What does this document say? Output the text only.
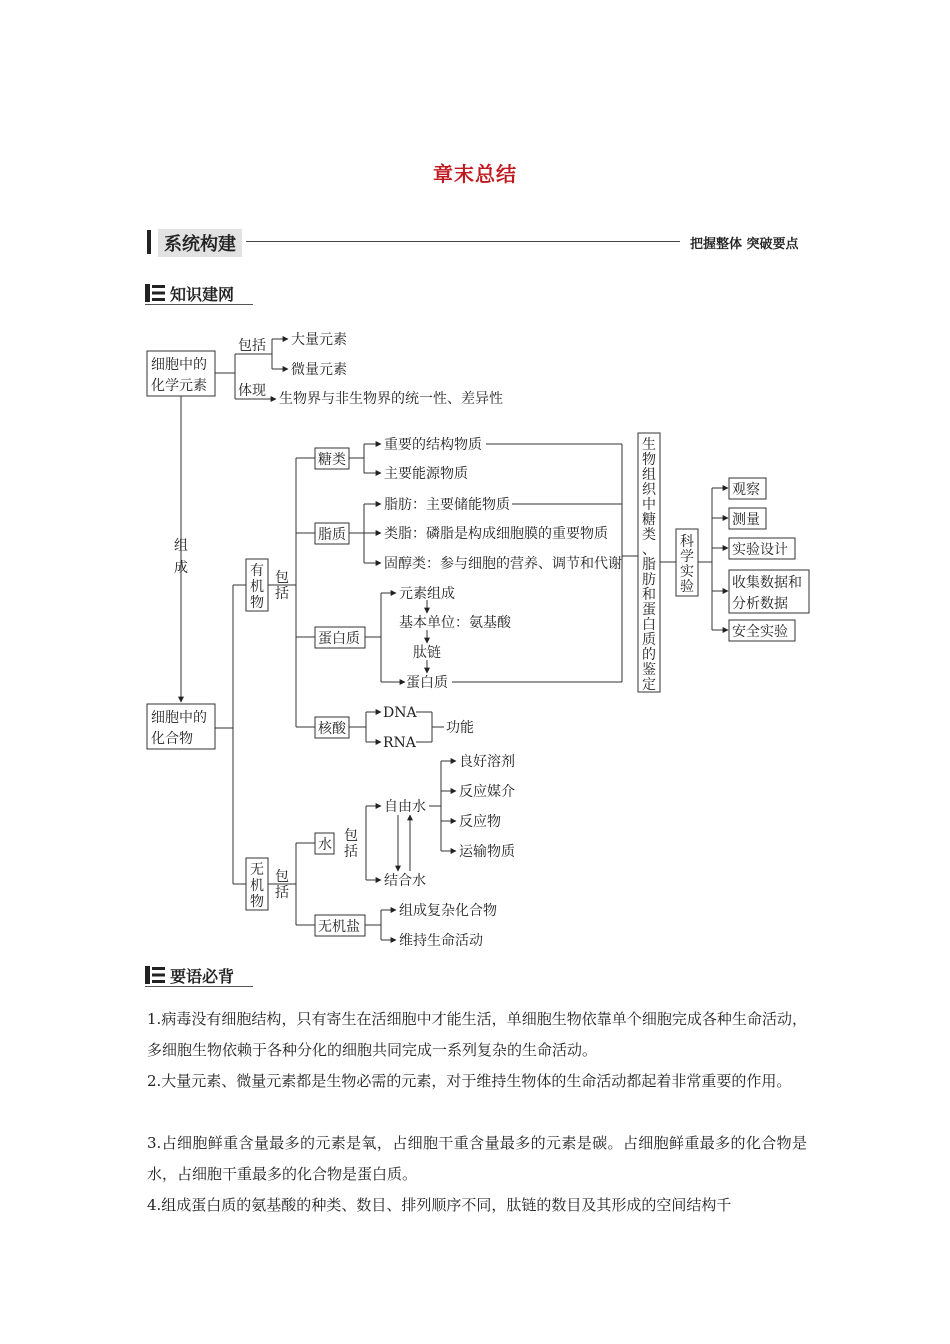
章末总结
系统构建	把握整体 突破要点
知识建网
细胞中的
化学元素
包括 大量元素
微量元素
体现 生物界与非生物界的统一性、差异性
组
成
细胞中的
化合物
有
机
物
包
括
无
机
物
包
括
糖类
重要的结构物质
主要能源物质
脂质
脂肪：主要储能物质
类脂：磷脂是构成细胞膜的重要物质
固醇类：参与细胞的营养、调节和代谢
蛋白质
元素组成
基本单位：氨基酸
肽链
蛋白质
核酸
DNA
RNA
功能
生
物
组
织
中
糖
类
、
脂
肪
和
蛋
白
质
的
鉴
定
科
学
实
验
观察
测量
实验设计
收集数据和
分析数据
安全实验
水
包
括
自由水
结合水
良好溶剂
反应媒介
反应物
运输物质
无机盐
组成复杂化合物
维持生命活动
要语必背
1.病毒没有细胞结构，只有寄生在活细胞中才能生活，单细胞生物依靠单个细胞完成各种生命活动，多细胞生物依赖于各种分化的细胞共同完成一系列复杂的生命活动。
2.大量元素、微量元素都是生物必需的元素，对于维持生物体的生命活动都起着非常重要的作用。
3.占细胞鲜重含量最多的元素是氧，占细胞干重含量最多的元素是碳。占细胞鲜重最多的化合物是水，占细胞干重最多的化合物是蛋白质。
4.组成蛋白质的氨基酸的种类、数目、排列顺序不同，肽链的数目及其形成的空间结构千
